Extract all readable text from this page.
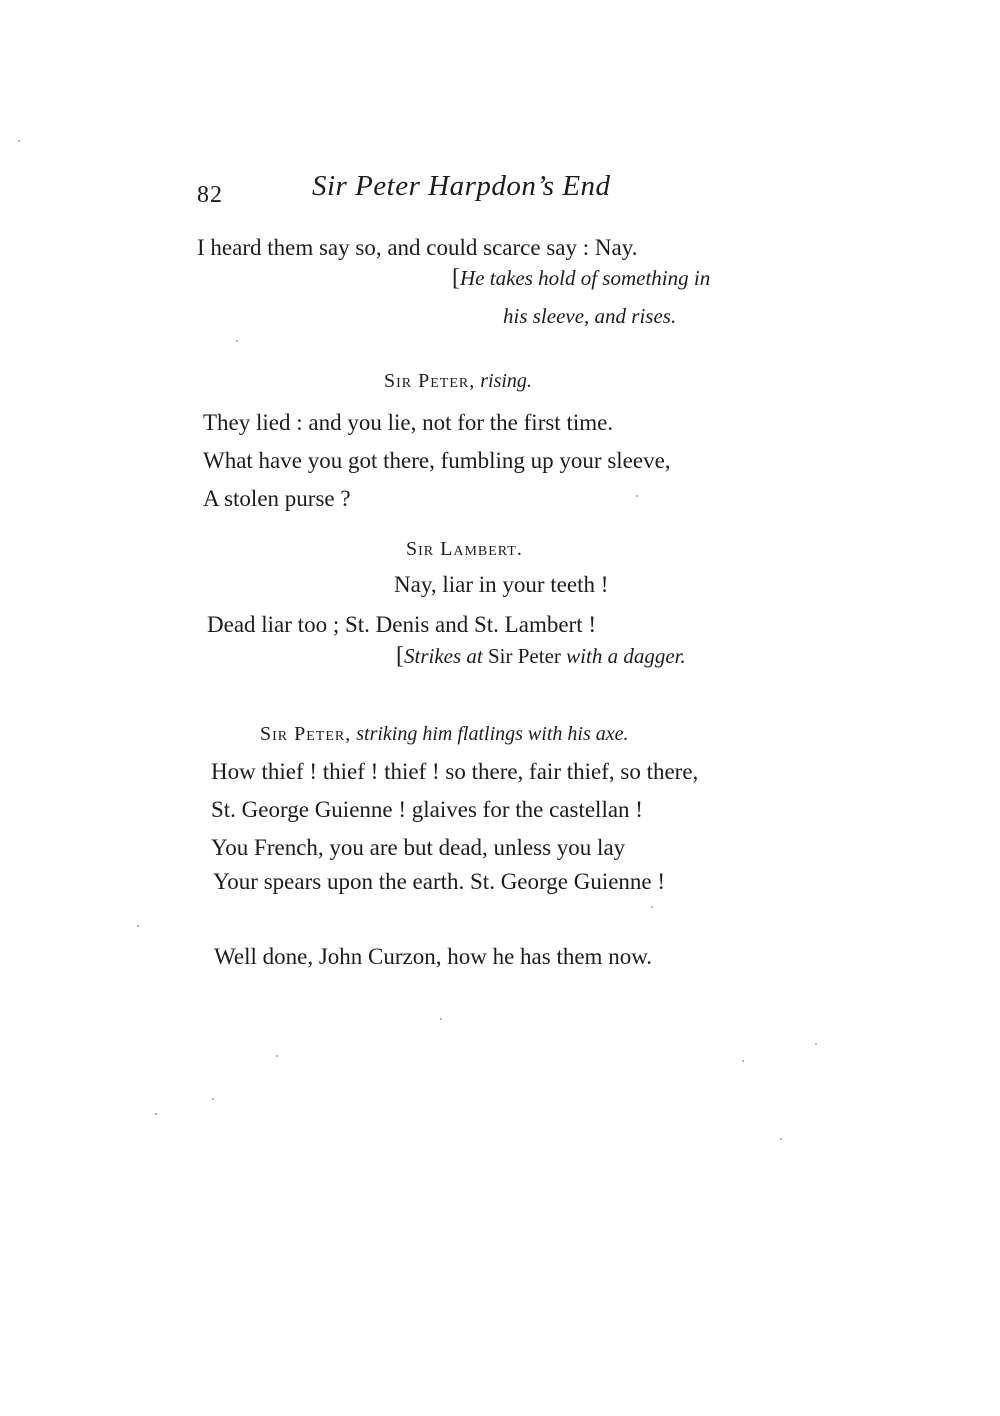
82	Sir Peter Harpdon’s End
I heard them say so, and could scarce say : Nay.
[He takes hold of something in
his sleeve, and rises.
Sir Peter, rising.
They lied : and you lie, not for the first time.
What have you got there, fumbling up your sleeve,
A stolen purse ?
Sir Lambert.
Nay, liar in your teeth !
Dead liar too ; St. Denis and St. Lambert !
[Strikes at Sir Peter with a dagger.
Sir Peter, striking him flatlings with his axe.
How thief ! thief ! thief ! so there, fair thief, so there,
St. George Guienne ! glaives for the castellan !
You French, you are but dead, unless you lay
Your spears upon the earth. St. George Guienne !
Well done, John Curzon, how he has them now.
